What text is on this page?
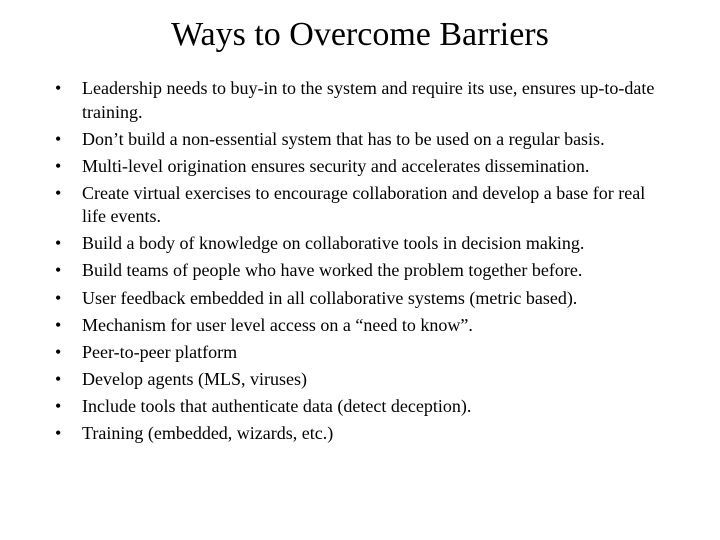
Ways to Overcome Barriers
• Leadership needs to buy-in to the system and require its use, ensures up-to-date training.
• Don’t build a non-essential system that has to be used on a regular basis.
• Multi-level origination ensures security and accelerates dissemination.
• Create virtual exercises to encourage collaboration and develop a base for real life events.
• Build a body of knowledge on collaborative tools in decision making.
• Build teams of people who have worked the problem together before.
• User feedback embedded in all collaborative systems (metric based).
• Mechanism for user level access on a “need to know”.
• Peer-to-peer platform
• Develop agents (MLS, viruses)
• Include tools that authenticate data (detect deception).
• Training (embedded, wizards, etc.)
